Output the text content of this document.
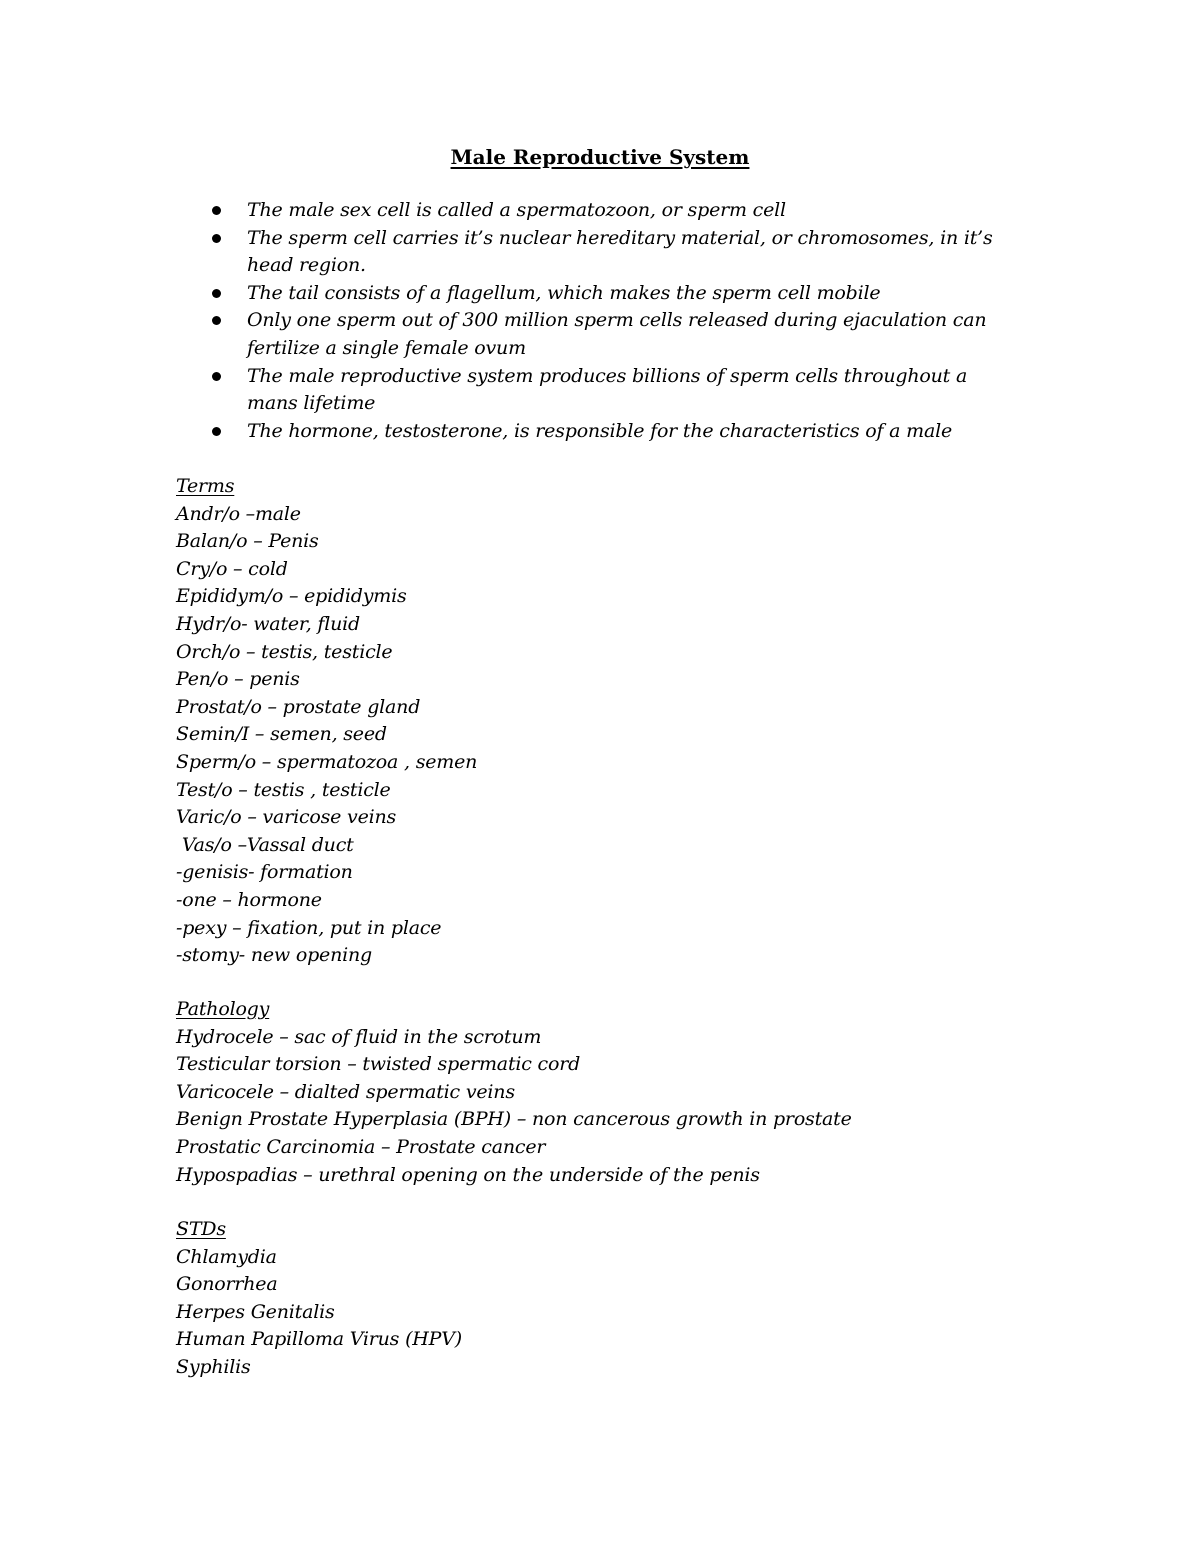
Male Reproductive System
The male sex cell is called a spermatozoon, or sperm cell
The sperm cell carries it’s nuclear hereditary material, or chromosomes, in it’s head region.
The tail consists of a flagellum, which makes the sperm cell mobile
Only one sperm out of 300 million sperm cells released during ejaculation can fertilize a single female ovum
The male reproductive system produces billions of sperm cells throughout a mans lifetime
The hormone, testosterone, is responsible for the characteristics of a male
Terms
Andr/o –male
Balan/o – Penis
Cry/o – cold
Epididym/o – epididymis
Hydr/o- water, fluid
Orch/o – testis, testicle
Pen/o – penis
Prostat/o – prostate gland
Semin/I – semen, seed
Sperm/o – spermatozoa , semen
Test/o – testis , testicle
Varic/o – varicose veins
Vas/o –Vassal duct
-genisis- formation
-one – hormone
-pexy – fixation, put in place
-stomy- new opening
Pathology
Hydrocele – sac of fluid in the scrotum
Testicular torsion – twisted spermatic cord
Varicocele – dialted spermatic veins
Benign Prostate Hyperplasia (BPH) – non cancerous growth in prostate
Prostatic Carcinomia – Prostate cancer
Hypospadias – urethral opening on the underside of the penis
STDs
Chlamydia
Gonorrhea
Herpes Genitalis
Human Papilloma Virus (HPV)
Syphilis
